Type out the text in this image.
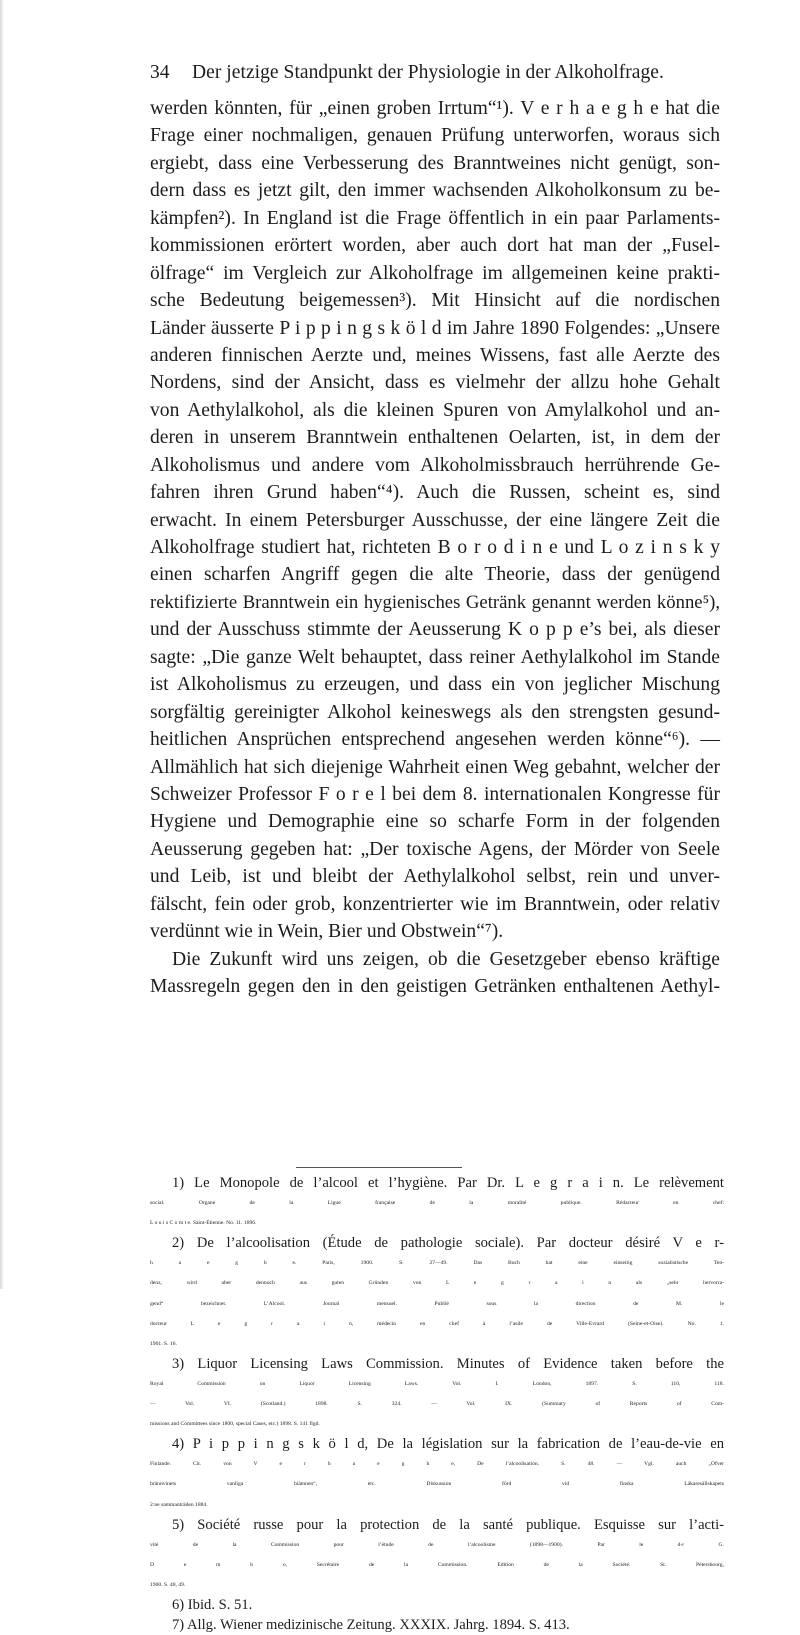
34 Der jetzige Standpunkt der Physiologie in der Alkoholfrage.
werden könnten, für „einen groben Irrtum“¹). V e r h a e g h e hat die
Frage einer nochmaligen, genauen Prüfung unterworfen, woraus sich
ergiebt, dass eine Verbesserung des Branntweines nicht genügt, son-
dern dass es jetzt gilt, den immer wachsenden Alkoholkonsum zu be-
kämpfen²). In England ist die Frage öffentlich in ein paar Parlaments-
kommissionen erörtert worden, aber auch dort hat man der „Fusel-
ölfrage“ im Vergleich zur Alkoholfrage im allgemeinen keine prakti-
sche Bedeutung beigemessen³). Mit Hinsicht auf die nordischen
Länder äusserte P i p p i n g s k ö l d im Jahre 1890 Folgendes: „Unsere
anderen finnischen Aerzte und, meines Wissens, fast alle Aerzte des
Nordens, sind der Ansicht, dass es vielmehr der allzu hohe Gehalt
von Aethylalkohol, als die kleinen Spuren von Amylalkohol und an-
deren in unserem Branntwein enthaltenen Oelarten, ist, in dem der
Alkoholismus und andere vom Alkoholmissbrauch herrührende Ge-
fahren ihren Grund haben“⁴). Auch die Russen, scheint es, sind
erwacht. In einem Petersburger Ausschusse, der eine längere Zeit die
Alkoholfrage studiert hat, richteten B o r o d i n e und L o z i n s k y
einen scharfen Angriff gegen die alte Theorie, dass der genügend
rektifizierte Branntwein ein hygienisches Getränk genannt werden könne⁵),
und der Ausschuss stimmte der Aeusserung K o p p e’s bei, als dieser
sagte: „Die ganze Welt behauptet, dass reiner Aethylalkohol im Stande
ist Alkoholismus zu erzeugen, und dass ein von jeglicher Mischung
sorgfältig gereinigter Alkohol keineswegs als den strengsten gesund-
heitlichen Ansprüchen entsprechend angesehen werden könne“⁶). —
Allmählich hat sich diejenige Wahrheit einen Weg gebahnt, welcher der
Schweizer Professor F o r e l bei dem 8. internationalen Kongresse für
Hygiene und Demographie eine so scharfe Form in der folgenden
Aeusserung gegeben hat: „Der toxische Agens, der Mörder von Seele
und Leib, ist und bleibt der Aethylalkohol selbst, rein und unver-
fälscht, fein oder grob, konzentrierter wie im Branntwein, oder relativ
verdünnt wie in Wein, Bier und Obstwein“⁷).
Die Zukunft wird uns zeigen, ob die Gesetzgeber ebenso kräftige
Massregeln gegen den in den geistigen Getränken enthaltenen Aethyl-
1) Le Monopole de l’alcool et l’hygiène. Par Dr. L e g r a i n. Le relèvement
social. Organe de la Ligue française de la moralité publique. Rédacteur en chef:
L o u i s C o m t e. Saint-Étienne. No. 11. 1896.
2) De l’alcoolisation (Étude de pathologie sociale). Par docteur désiré V e r-
h a e g h e. Paris, 1900. S. 27—49. Das Buch hat eine einseitig sozialistische Ten-
denz, wird aber dennoch aus guten Gründen von L e g r a i n als „sehr hervorra-
gend“ bezeichnet. L’Alcool. Journal mensuel. Publié sous la direction de M. le
docteur L e g r a i n, médecin en chef à l’asile de Ville-Evrard (Seine-et-Oise). No. 1.
1901. S. 16.
3) Liquor Licensing Laws Commission. Minutes of Evidence taken before the
Royal Commission on Liquor Licensing Laws. Vol. I. London, 1897. S. 110, 118.
— Vol. VI. (Scotland.) 1898. S. 324. — Vol. IX. (Summary of Reports of Com-
missions and Committees since 1800, special Cases, etc.) 1898. S. 141 flgd.
4) P i p p i n g s k ö l d, De la législation sur la fabrication de l’eau-de-vie en
Finlande. Cit. von V e r h a e g h e, De l’alcoolisation. S. 48. — Vgl. auch „Ofver
brännvinets vanliga biämnen“, etc. Diskussion förd vid finska Läkaresällskapets
2:ne sammanträden 1884.
5) Société russe pour la protection de la santé publique. Esquisse sur l’acti-
vité de la Commission pour l’étude de l’alcoolisme (1898—1900). Par le d-r G.
D e m b o, Secrétaire de la Commission. Edition de la Société. St. Pétersbourg,
1900. S. 48, 49.
6) Ibid. S. 51.
7) Allg. Wiener medizinische Zeitung. XXXIX. Jahrg. 1894. S. 413.
